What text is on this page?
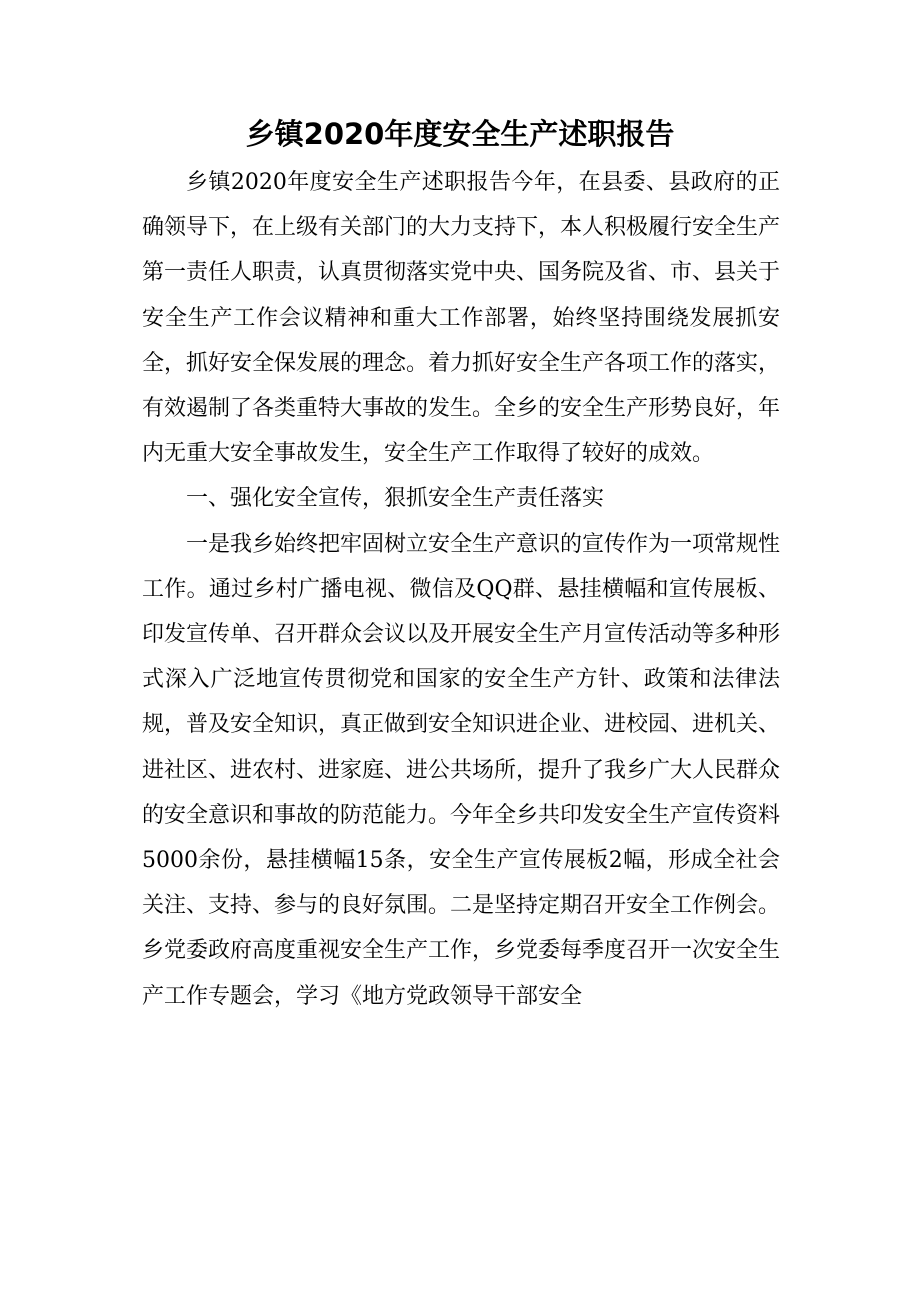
乡镇2020年度安全生产述职报告

乡镇2020年度安全生产述职报告今年，在县委、县政府的正确领导下，在上级有关部门的大力支持下，本人积极履行安全生产第一责任人职责，认真贯彻落实党中央、国务院及省、市、县关于安全生产工作会议精神和重大工作部署，始终坚持围绕发展抓安全，抓好安全保发展的理念。着力抓好安全生产各项工作的落实，有效遏制了各类重特大事故的发生。全乡的安全生产形势良好，年内无重大安全事故发生，安全生产工作取得了较好的成效。

一、强化安全宣传，狠抓安全生产责任落实

一是我乡始终把牢固树立安全生产意识的宣传作为一项常规性工作。通过乡村广播电视、微信及QQ群、悬挂横幅和宣传展板、印发宣传单、召开群众会议以及开展安全生产月宣传活动等多种形式深入广泛地宣传贯彻党和国家的安全生产方针、政策和法律法规，普及安全知识，真正做到安全知识进企业、进校园、进机关、进社区、进农村、进家庭、进公共场所，提升了我乡广大人民群众的安全意识和事故的防范能力。今年全乡共印发安全生产宣传资料5000余份，悬挂横幅15条，安全生产宣传展板2幅，形成全社会关注、支持、参与的良好氛围。二是坚持定期召开安全工作例会。乡党委政府高度重视安全生产工作，乡党委每季度召开一次安全生产工作专题会，学习《地方党政领导干部安全
